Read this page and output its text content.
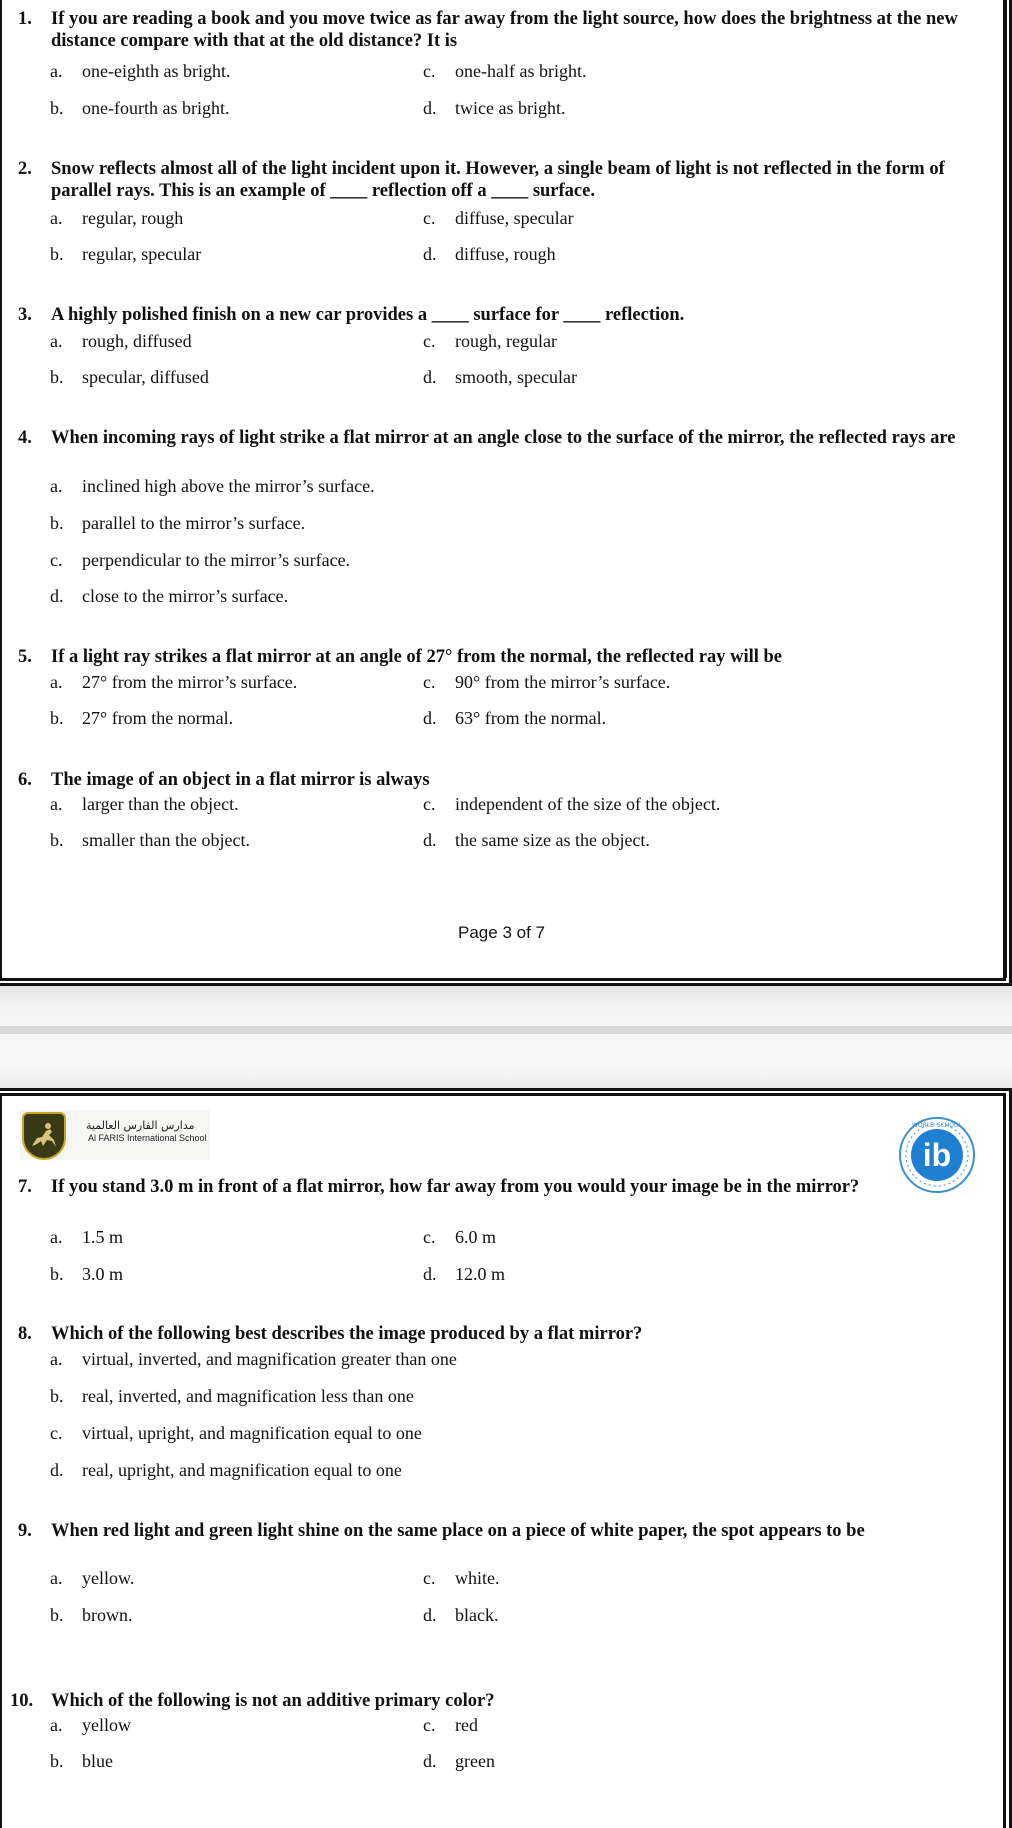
1. If you are reading a book and you move twice as far away from the light source, how does the brightness at the new distance compare with that at the old distance? It is

a. one-eighth as bright.	c. one-half as bright.
b. one-fourth as bright.	d. twice as bright.

2. Snow reflects almost all of the light incident upon it. However, a single beam of light is not reflected in the form of parallel rays. This is an example of ____ reflection off a ____ surface.

a. regular, rough	c. diffuse, specular
b. regular, specular	d. diffuse, rough

3. A highly polished finish on a new car provides a ____ surface for ____ reflection.

a. rough, diffused	c. rough, regular
b. specular, diffused	d. smooth, specular

4. When incoming rays of light strike a flat mirror at an angle close to the surface of the mirror, the reflected rays are

a. inclined high above the mirror’s surface.
b. parallel to the mirror’s surface.
c. perpendicular to the mirror’s surface.
d. close to the mirror’s surface.

5. If a light ray strikes a flat mirror at an angle of 27° from the normal, the reflected ray will be

a. 27° from the mirror’s surface.	c. 90° from the mirror’s surface.
b. 27° from the normal.	d. 63° from the normal.

6. The image of an object in a flat mirror is always

a. larger than the object.	c. independent of the size of the object.
b. smaller than the object.	d. the same size as the object.
Page 3 of 7
مدارس الفارس العالمية
Al FARIS International School	ib
WORLD SCHOOL

7. If you stand 3.0 m in front of a flat mirror, how far away from you would your image be in the mirror?

a. 1.5 m	c. 6.0 m
b. 3.0 m	d. 12.0 m

8. Which of the following best describes the image produced by a flat mirror?

a. virtual, inverted, and magnification greater than one
b. real, inverted, and magnification less than one
c. virtual, upright, and magnification equal to one
d. real, upright, and magnification equal to one

9. When red light and green light shine on the same place on a piece of white paper, the spot appears to be

a. yellow.	c. white.
b. brown.	d. black.

10. Which of the following is not an additive primary color?

a. yellow	c. red
b. blue	d. green
